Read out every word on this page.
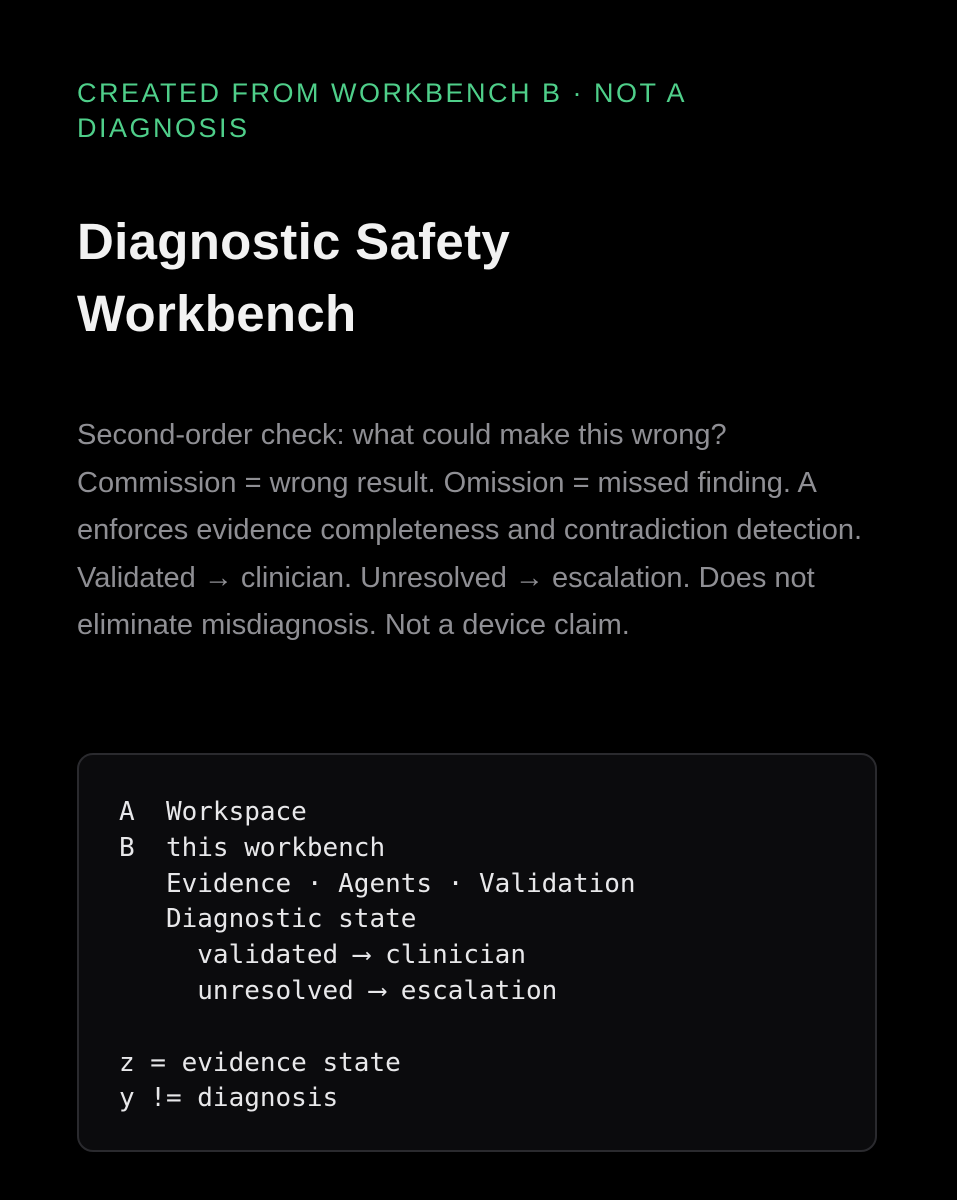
CREATED FROM WORKBENCH B · NOT A DIAGNOSIS

Diagnostic Safety Workbench

Second-order check: what could make this wrong? Commission = wrong result. Omission = missed finding. A enforces evidence completeness and contradiction detection. Validated → clinician. Unresolved → escalation. Does not eliminate misdiagnosis. Not a device claim.

A  Workspace
B  this workbench
Evidence · Agents · Validation
Diagnostic state
validated ⟶ clinician
unresolved ⟶ escalation
z = evidence state
y != diagnosis
